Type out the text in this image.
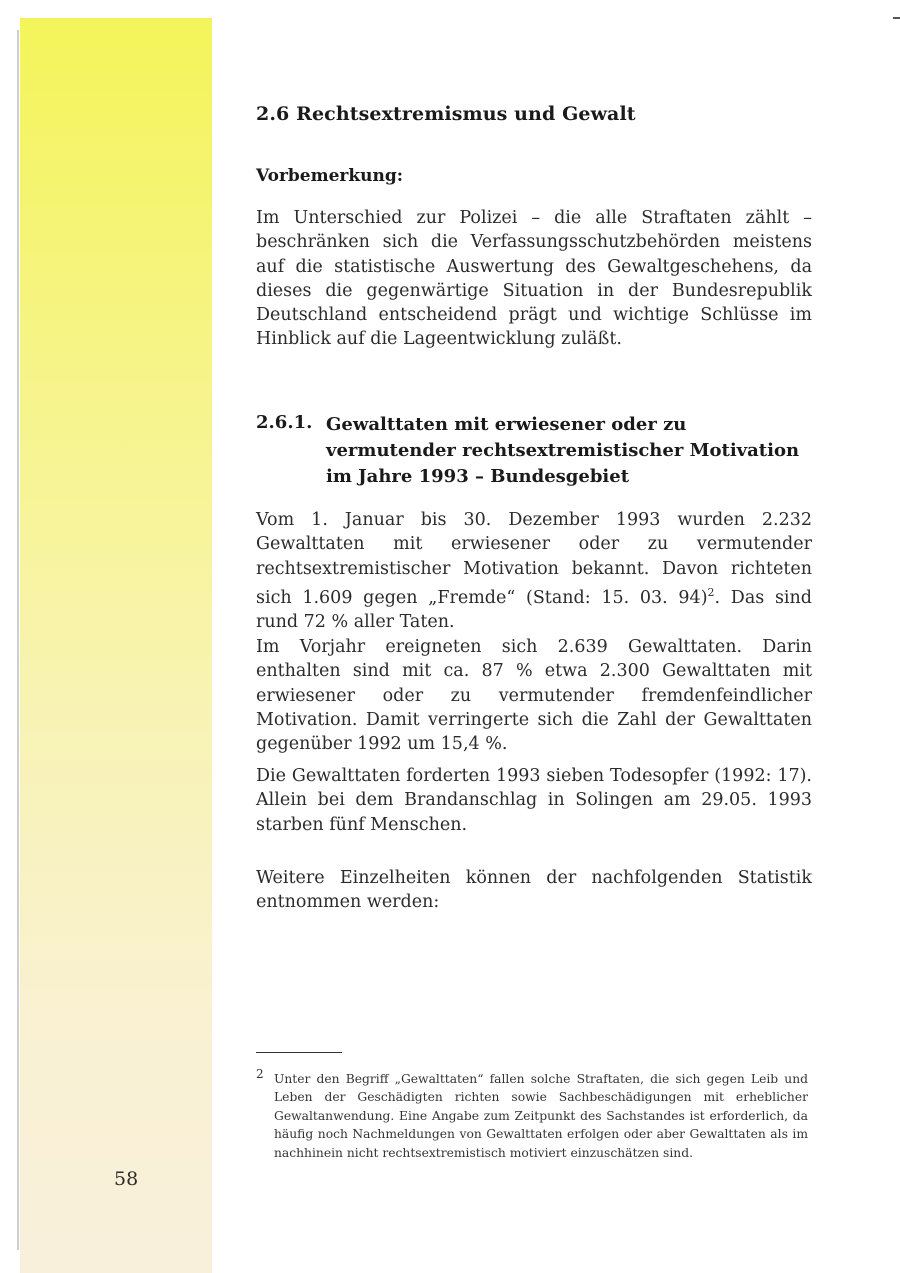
2.6 Rechtsextremismus und Gewalt
Vorbemerkung:

Im Unterschied zur Polizei – die alle Straftaten zählt – beschränken sich die Verfassungsschutzbehörden meistens auf die statistische Auswertung des Gewaltgeschehens, da dieses die gegenwärtige Situation in der Bundesrepublik Deutschland entscheidend prägt und wichtige Schlüsse im Hinblick auf die Lageentwicklung zuläßt.

2.6.1. Gewalttaten mit erwiesener oder zu vermutender rechtsextremistischer Motivation im Jahre 1993 – Bundesgebiet

Vom 1. Januar bis 30. Dezember 1993 wurden 2.232 Gewalttaten mit erwiesener oder zu vermutender rechtsextremistischer Motivation bekannt. Davon richteten sich 1.609 gegen „Fremde“ (Stand: 15. 03. 94)$^2$. Das sind rund 72 % aller Taten.

Im Vorjahr ereigneten sich 2.639 Gewalttaten. Darin enthalten sind mit ca. 87 % etwa 2.300 Gewalttaten mit erwiesener oder zu vermutender fremdenfeindlicher Motivation. Damit verringerte sich die Zahl der Gewalttaten gegenüber 1992 um 15,4 %.

Die Gewalttaten forderten 1993 sieben Todesopfer (1992: 17). Allein bei dem Brandanschlag in Solingen am 29.05. 1993 starben fünf Menschen.

Weitere Einzelheiten können der nachfolgenden Statistik entnommen werden:

2 Unter den Begriff „Gewalttaten“ fallen solche Straftaten, die sich gegen Leib und Leben der Geschädigten richten sowie Sachbeschädigungen mit erheblicher Gewaltanwendung. Eine Angabe zum Zeitpunkt des Sachstandes ist erforderlich, da häufig noch Nachmeldungen von Gewalttaten erfolgen oder aber Gewalttaten als im nachhinein nicht rechtsextremistisch motiviert einzuschätzen sind.

58
